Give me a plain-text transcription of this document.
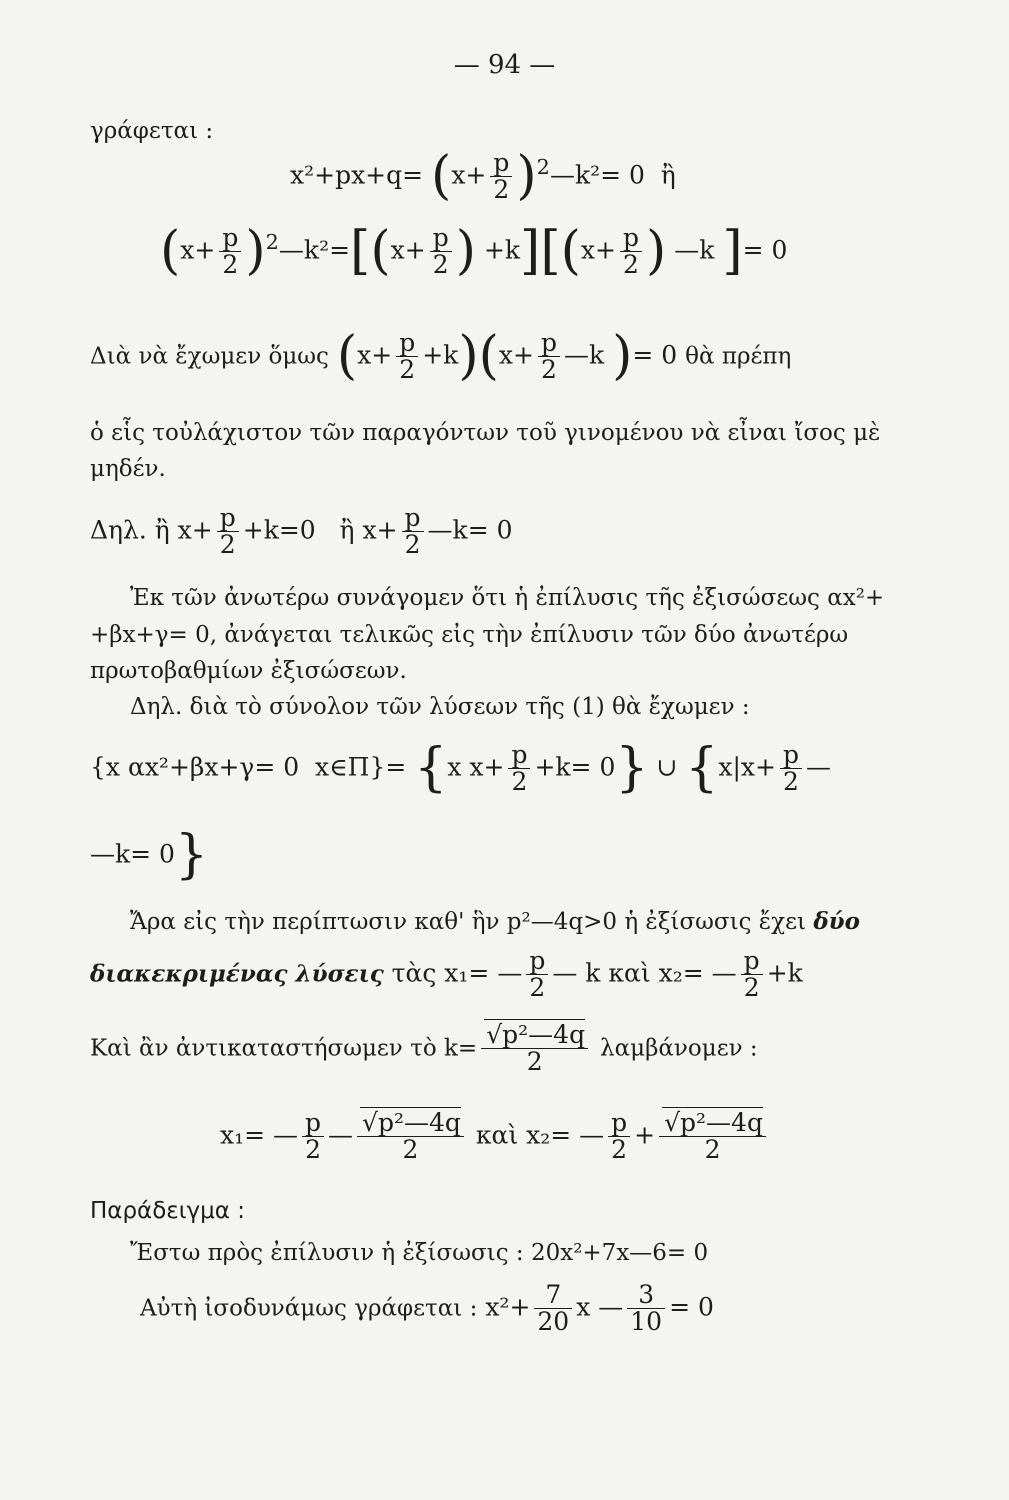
— 94 —
γράφεται :
$x^2+px+q= (x+ \frac{p}{2}$ )$^2—k^2= 0$  ἢ
($x+ \frac{p}{2}$ )$^2—k^2=[(x+ \frac{p}{2}$ ) $+k][(x+ \frac{p}{2}$ ) —k ]= 0
Διὰ νὰ ἔχωμεν ὅμως $(x+ \frac{p}{2} +k)(x+ \frac{p}{2}$ —k )= 0 θὰ πρέπη
ὁ εἷς τοὐλάχιστον τῶν παραγόντων τοῦ γινομένου νὰ εἶναι ἴσος μὲ
μηδέν.
Δηλ. ἢ $x+ \frac{p}{2} +k=0$   ἢ $x+ \frac{p}{2}$ —k= 0
Ἐκ τῶν ἀνωτέρω συνάγομεν ὅτι ἡ ἐπίλυσις τῆς ἐξισώσεως αx²+
+βx+γ= 0, ἀνάγεται τελικῶς εἰς τὴν ἐπίλυσιν τῶν δύο ἀνωτέρω
πρωτοβαθμίων ἐξισώσεων.
Δηλ. διὰ τὸ σύνολον τῶν λύσεων τῆς (1) θὰ ἔχωμεν :
{x αx²+βx+γ= 0  x∈Π}= {x $x+ \frac{p}{2} +k= 0$} ∪ {$x|x+ \frac{p}{2}$ —
—k= 0}
Ἄρα εἰς τὴν περίπτωσιν καθ' ἣν p²—4q>0 ἡ ἐξίσωσις ἔχει δύο
διακεκριμένας λύσεις τὰς x₁= — $\frac{p}{2}$ — k καὶ x₂= — $\frac{p}{2} +k$
Καὶ ἂν ἀντικαταστήσωμεν τὸ $k= \frac{\text{√p²—4q}}{2}$ λαμβάνομεν :
x₁= — $\frac{p}{2}$ — $\frac{\text{√p²—4q}}{2}$ καὶ x₂= — $\frac{p}{2} + \frac{\text{√p²—4q}}{2}$
Παράδειγμα :
Ἔστω πρὸς ἐπίλυσιν ἡ ἐξίσωσις : 20x²+7x—6= 0
Αὐτὴ ἰσοδυνάμως γράφεται : $x^2+ \frac{7}{20}$ x — $\frac{3}{10} = 0$
